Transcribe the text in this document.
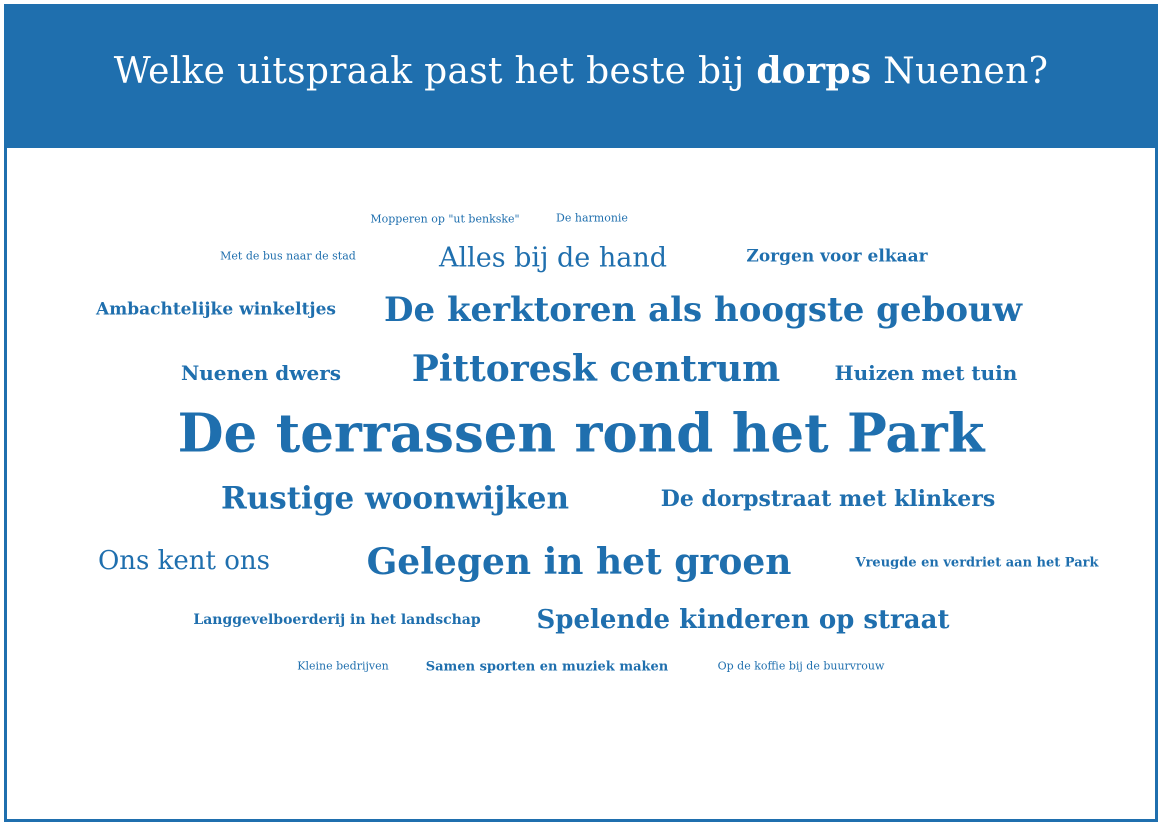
Welke uitspraak past het beste bij dorps Nuenen?
Mopperen op "ut benkske"	De harmonie
Met de bus naar de stad	Alles bij de hand	Zorgen voor elkaar
Ambachtelijke winkeltjes De kerktoren als hoogste gebouw
Nuenen dwers Pittoresk centrum	Huizen met tuin
De terrassen rond het Park
Rustige woonwijken	De dorpstraat met klinkers
Ons kent ons	Gelegen in het groen	Vreugde en verdriet aan het Park
Langgevelboerderij in het landschap Spelende kinderen op straat
Kleine bedrijven	Samen sporten en muziek maken	Op de koffie bij de buurvrouw
